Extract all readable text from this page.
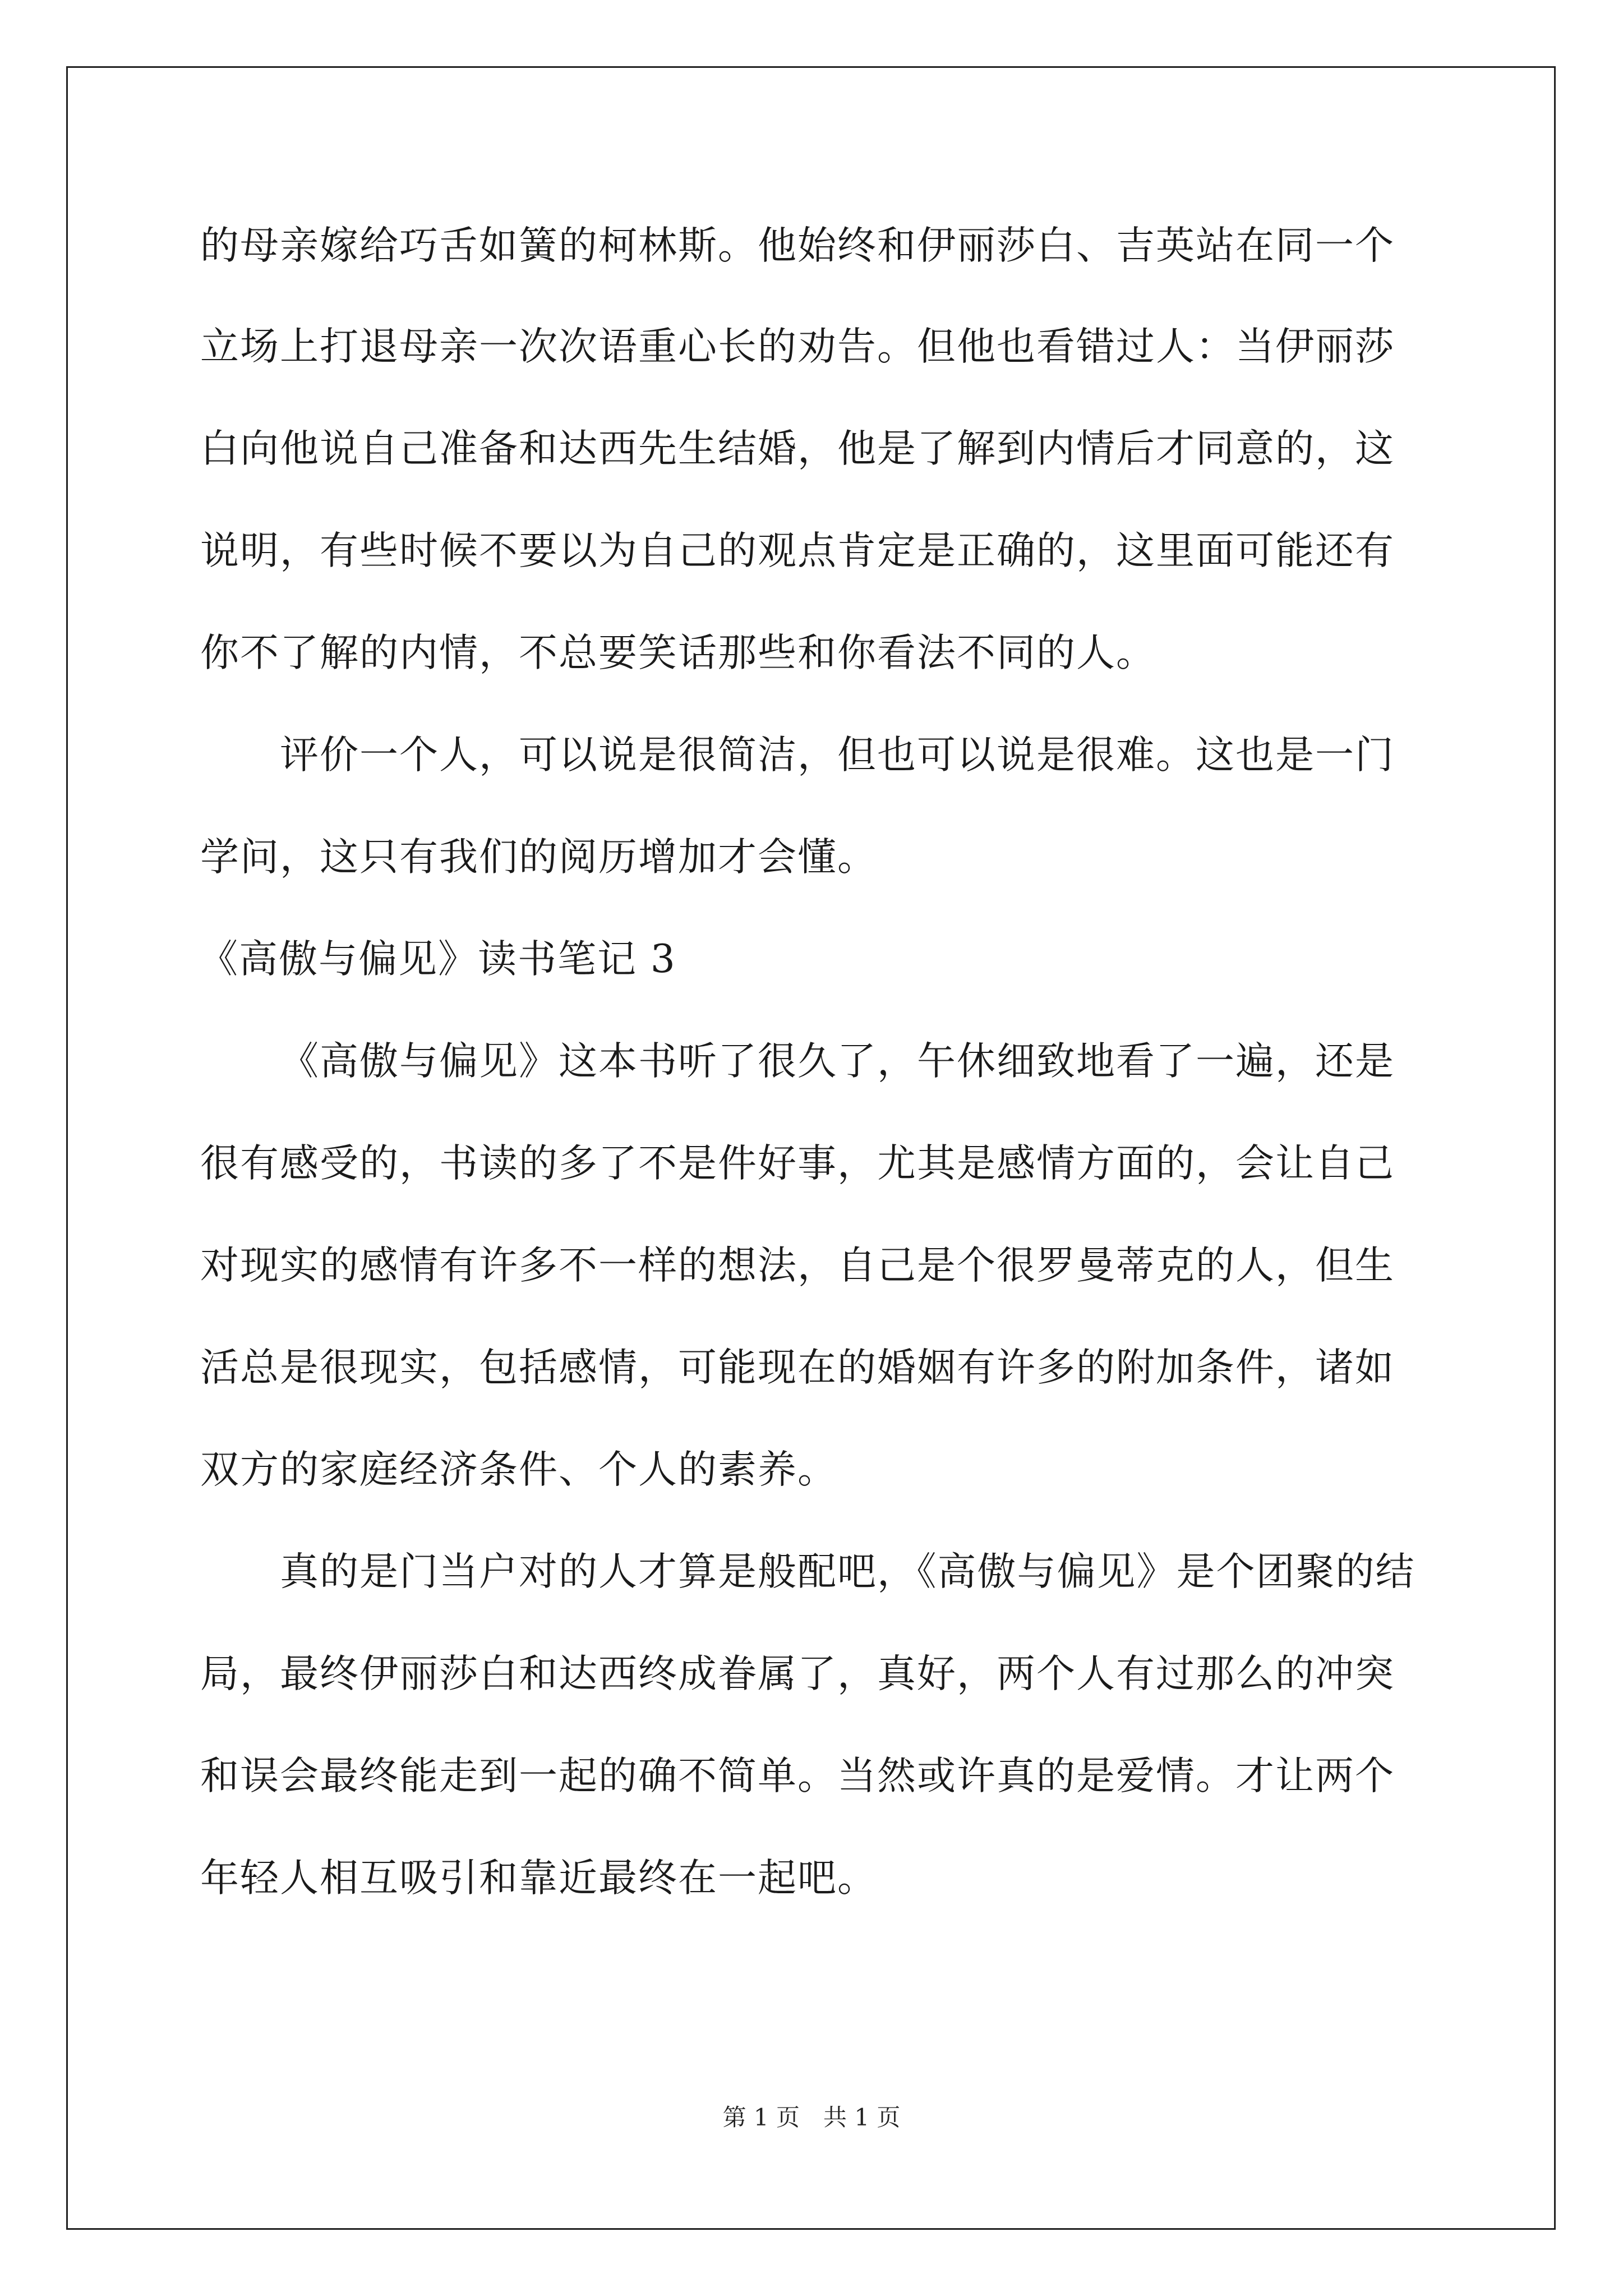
的母亲嫁给巧舌如簧的柯林斯。他始终和伊丽莎白、吉英站在同一个
立场上打退母亲一次次语重心长的劝告。但他也看错过人：当伊丽莎
白向他说自己准备和达西先生结婚，他是了解到内情后才同意的，这
说明，有些时候不要以为自己的观点肯定是正确的，这里面可能还有
你不了解的内情，不总要笑话那些和你看法不同的人。
评价一个人，可以说是很简洁，但也可以说是很难。这也是一门
学问，这只有我们的阅历增加才会懂。
《高傲与偏见》读书笔记 3
《高傲与偏见》这本书听了很久了，午休细致地看了一遍，还是
很有感受的，书读的多了不是件好事，尤其是感情方面的，会让自己
对现实的感情有许多不一样的想法，自己是个很罗曼蒂克的人，但生
活总是很现实，包括感情，可能现在的婚姻有许多的附加条件，诸如
双方的家庭经济条件、个人的素养。
真的是门当户对的人才算是般配吧，《高傲与偏见》是个团聚的结
局，最终伊丽莎白和达西终成眷属了，真好，两个人有过那么的冲突
和误会最终能走到一起的确不简单。当然或许真的是爱情。才让两个
年轻人相互吸引和靠近最终在一起吧。
第 1 页　共 1 页
